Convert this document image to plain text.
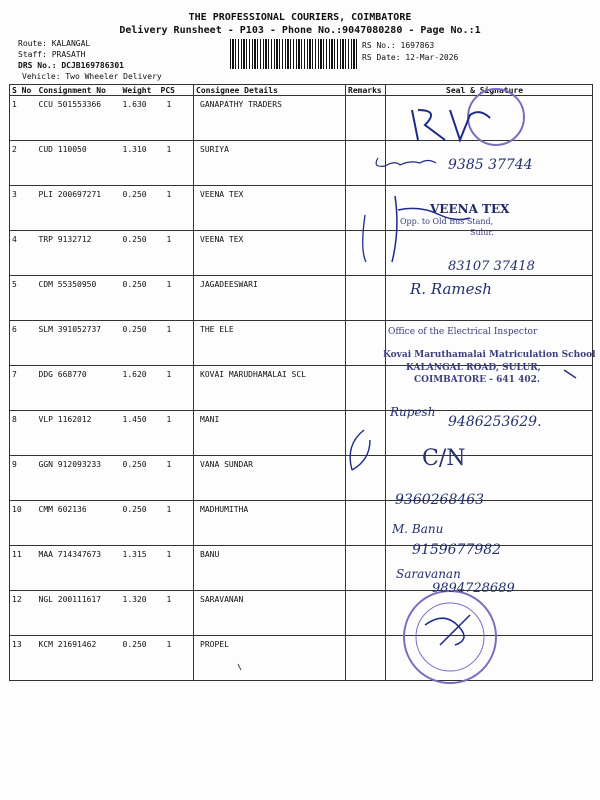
THE PROFESSIONAL COURIERS, COIMBATORE
Delivery Runsheet - P103 - Phone No.:9047080280 - Page No.:1
Route: KALANGAL
Staff: PRASATH
DRS No.: DCJB169786301
Vehicle: Two Wheeler Delivery
RS No.: 1697863
RS Date: 12-Mar-2026
S No	Consignment No	Weight	PCS	Consignee Details	Remarks	Seal & Signature
1	CCU 501553366	1.630	1	GANAPATHY TRADERS		
2	CUD 110050	1.310	1	SURIYA		
3	PLI 200697271	0.250	1	VEENA TEX		
4	TRP 9132712	0.250	1	VEENA TEX		
5	CDM 55350950	0.250	1	JAGADEESWARI		
6	SLM 391052737	0.250	1	THE ELE		
7	DDG 668770	1.620	1	KOVAI MARUDHAMALAI SCL		
8	VLP 1162012	1.450	1	MANI		
9	GGN 912093233	0.250	1	VANA SUNDAR		
10	CMM 602136	0.250	1	MADHUMITHA		
11	MAA 714347673	1.315	1	BANU		
12	NGL 200111617	1.320	1	SARAVANAN		
13	KCM 21691462	0.250	1	PROPEL		
9385 37744
VEENA TEX
Opp. to Old Bus Stand,
Sulur.
83107 37418
R. Ramesh
Office of the Electrical Inspector
Kovai Maruthamalai Matriculation School
KALANGAL ROAD, SULUR,
COIMBATORE - 641 402.
Rupesh
9486253629.
C/N
9360268463
M. Banu
9159677982
Saravanan
9894728689
